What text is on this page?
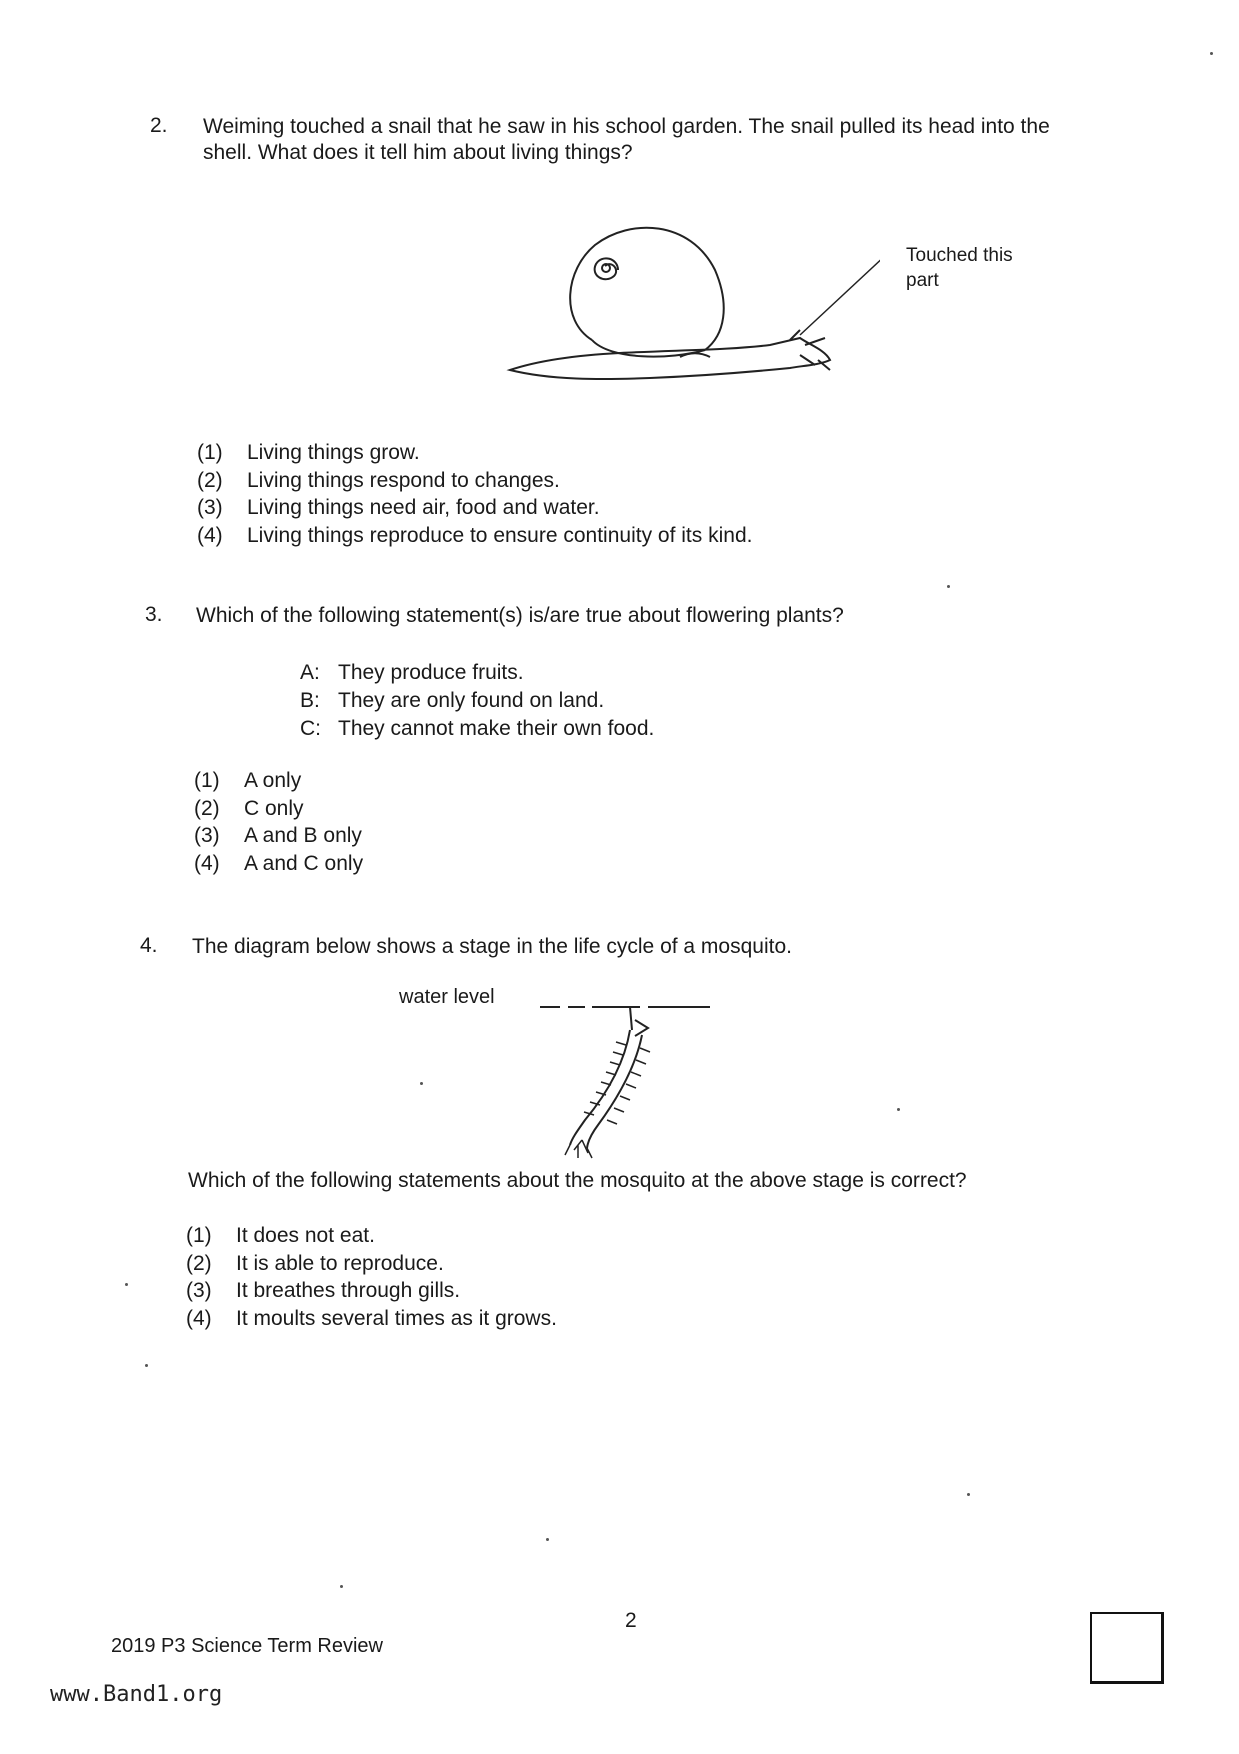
2. Weiming touched a snail that he saw in his school garden. The snail pulled its head into the
shell. What does it tell him about living things?
Touched this
part
(1) Living things grow.
(2) Living things respond to changes.
(3) Living things need air, food and water.
(4) Living things reproduce to ensure continuity of its kind.
3. Which of the following statement(s) is/are true about flowering plants?
A: They produce fruits.
B: They are only found on land.
C: They cannot make their own food.
(1) A only
(2) C only
(3) A and B only
(4) A and C only
4. The diagram below shows a stage in the life cycle of a mosquito.
water level
Which of the following statements about the mosquito at the above stage is correct?
(1) It does not eat.
(2) It is able to reproduce.
(3) It breathes through gills.
(4) It moults several times as it grows.
2
2019 P3 Science Term Review
www.Band1.org
